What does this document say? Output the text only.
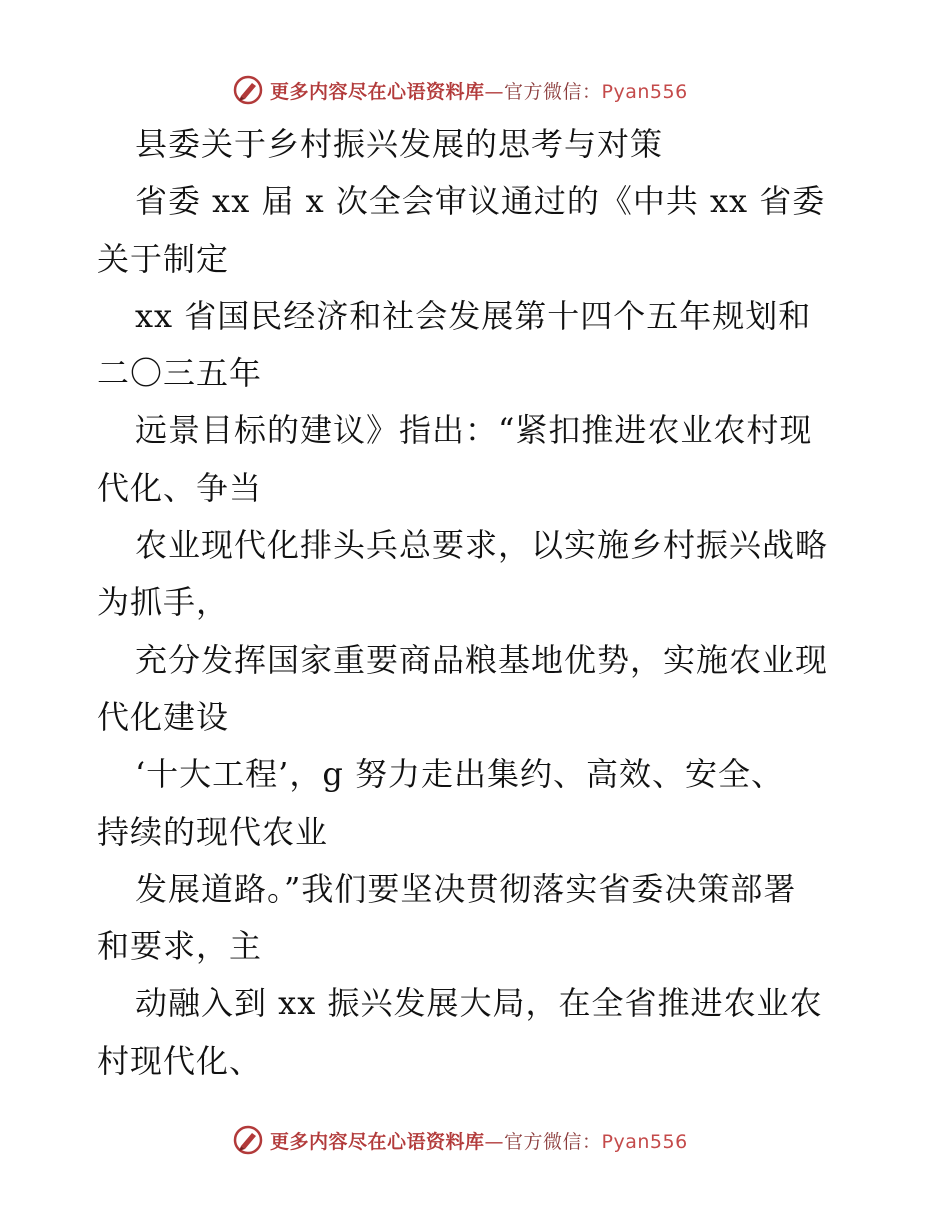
更多内容尽在心语资料库—官方微信：Pyan556
县委关于乡村振兴发展的思考与对策
省委 xx 届 x 次全会审议通过的《中共 xx 省委
关于制定
xx 省国民经济和社会发展第十四个五年规划和
二〇三五年
远景目标的建议》指出：“紧扣推进农业农村现
代化、争当
农业现代化排头兵总要求，以实施乡村振兴战略
为抓手，
充分发挥国家重要商品粮基地优势，实施农业现
代化建设
‘十大工程’，g 努力走出集约、高效、安全、
持续的现代农业
发展道路。”我们要坚决贯彻落实省委决策部署
和要求，主
动融入到 xx 振兴发展大局，在全省推进农业农
村现代化、
更多内容尽在心语资料库—官方微信：Pyan556
